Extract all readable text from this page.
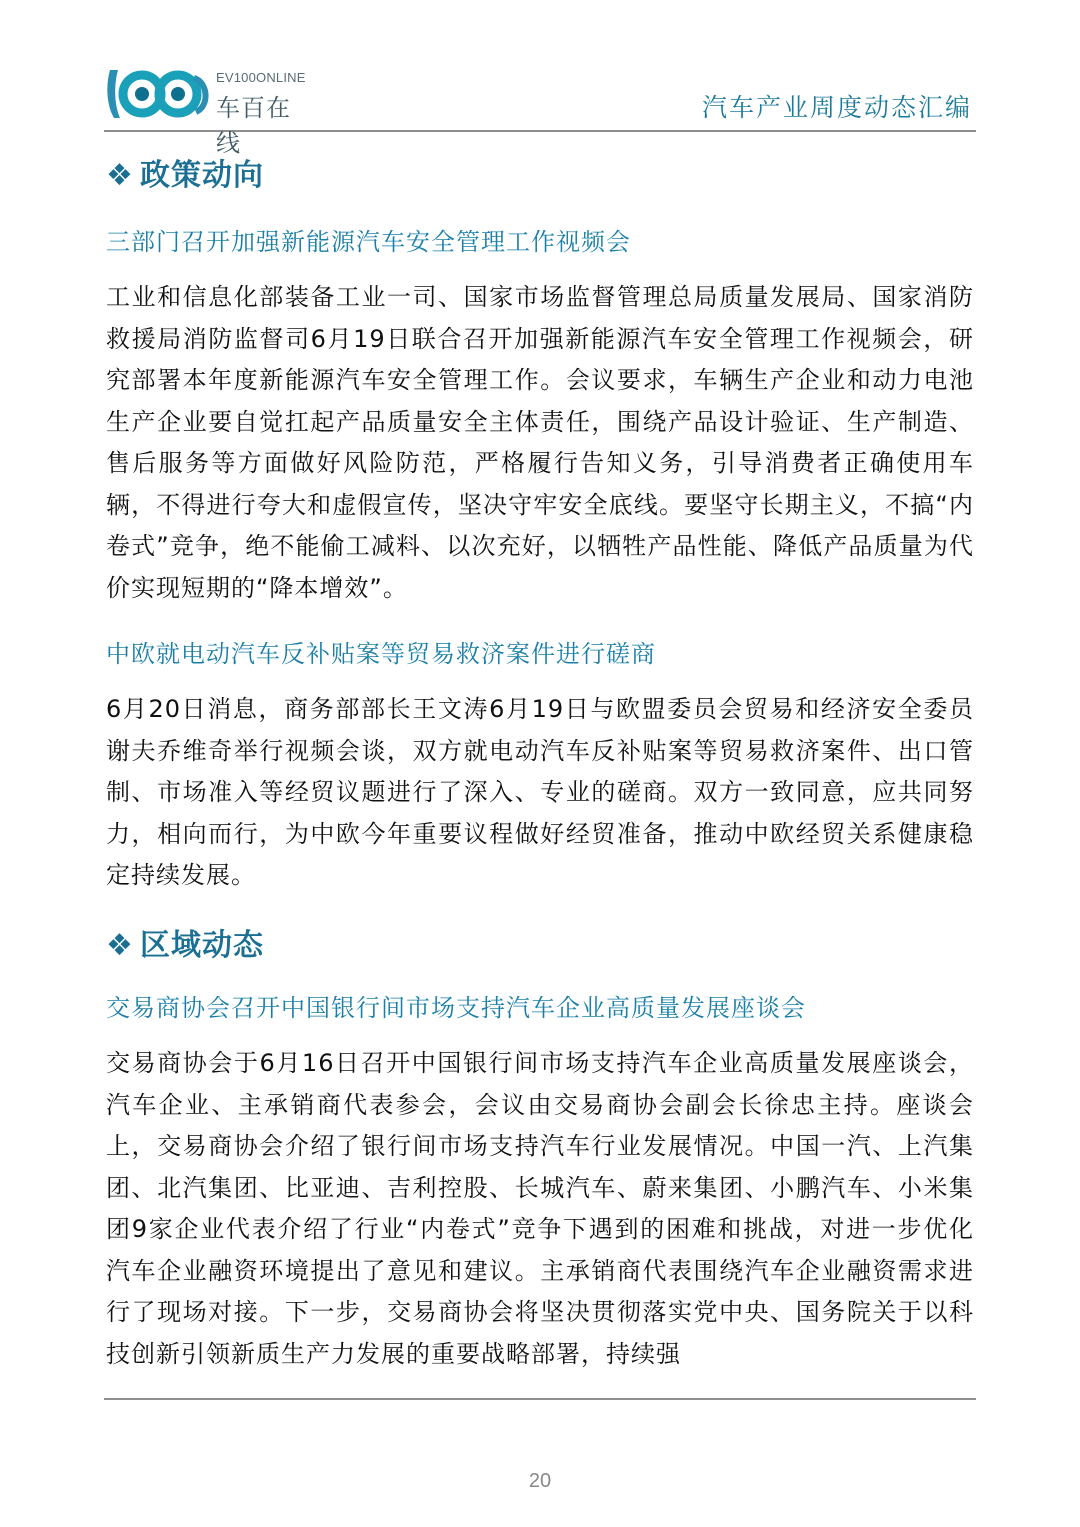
EV100ONLINE
车百在线
汽车产业周度动态汇编
❖ 政策动向
三部门召开加强新能源汽车安全管理工作视频会
工业和信息化部装备工业一司、国家市场监督管理总局质量发展局、国家消防救援局消防监督司6月19日联合召开加强新能源汽车安全管理工作视频会，研究部署本年度新能源汽车安全管理工作。会议要求，车辆生产企业和动力电池生产企业要自觉扛起产品质量安全主体责任，围绕产品设计验证、生产制造、售后服务等方面做好风险防范，严格履行告知义务，引导消费者正确使用车辆，不得进行夸大和虚假宣传，坚决守牢安全底线。要坚守长期主义，不搞“内卷式”竞争，绝不能偷工减料、以次充好，以牺牲产品性能、降低产品质量为代价实现短期的“降本增效”。
中欧就电动汽车反补贴案等贸易救济案件进行磋商
6月20日消息，商务部部长王文涛6月19日与欧盟委员会贸易和经济安全委员谢夫乔维奇举行视频会谈，双方就电动汽车反补贴案等贸易救济案件、出口管制、市场准入等经贸议题进行了深入、专业的磋商。双方一致同意，应共同努力，相向而行，为中欧今年重要议程做好经贸准备，推动中欧经贸关系健康稳定持续发展。
❖ 区域动态
交易商协会召开中国银行间市场支持汽车企业高质量发展座谈会
交易商协会于6月16日召开中国银行间市场支持汽车企业高质量发展座谈会，汽车企业、主承销商代表参会，会议由交易商协会副会长徐忠主持。座谈会上，交易商协会介绍了银行间市场支持汽车行业发展情况。中国一汽、上汽集团、北汽集团、比亚迪、吉利控股、长城汽车、蔚来集团、小鹏汽车、小米集团9家企业代表介绍了行业“内卷式”竞争下遇到的困难和挑战，对进一步优化汽车企业融资环境提出了意见和建议。主承销商代表围绕汽车企业融资需求进行了现场对接。下一步，交易商协会将坚决贯彻落实党中央、国务院关于以科技创新引领新质生产力发展的重要战略部署，持续强
20
